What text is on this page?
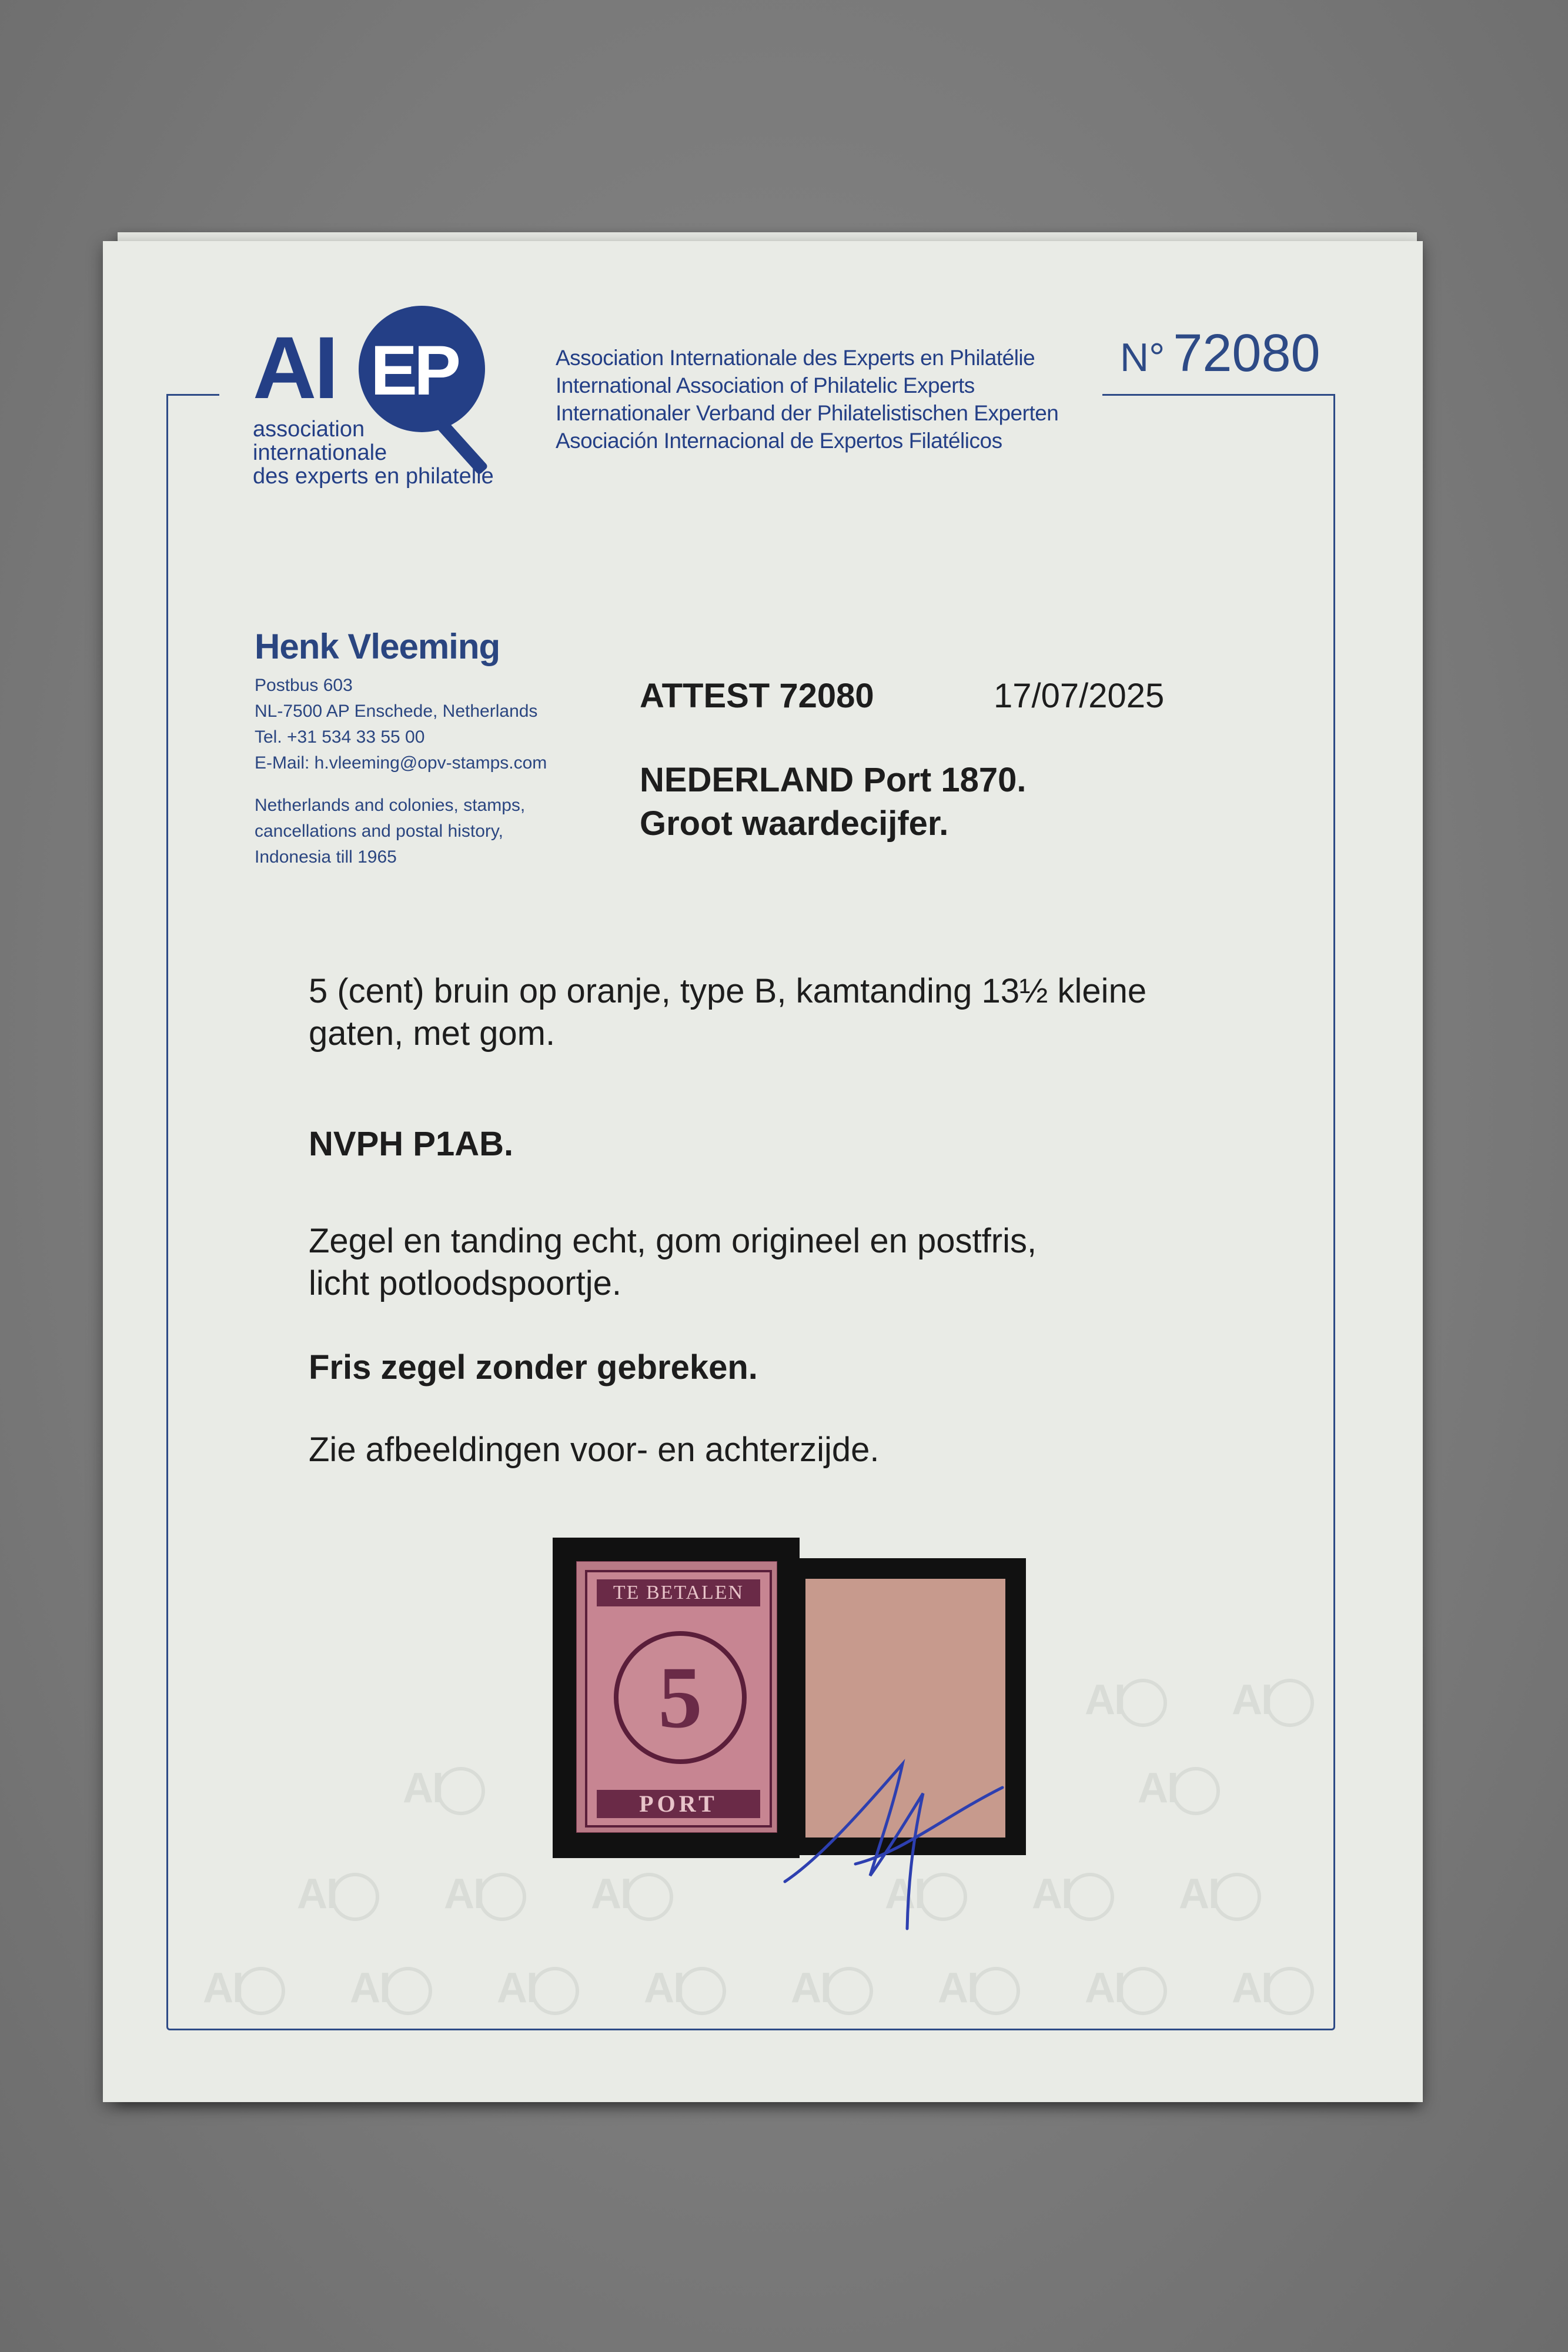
AI EP
association
internationale
des experts en philatelie
Association Internationale des Experts en Philatélie
International Association of Philatelic Experts
Internationaler Verband der Philatelistischen Experten
Asociación Internacional de Expertos Filatélicos
N° 72080
Henk Vleeming
Postbus 603
NL-7500 AP Enschede, Netherlands
Tel. +31 534 33 55 00
E-Mail: h.vleeming@opv-stamps.com
Netherlands and colonies, stamps,
cancellations and postal history,
Indonesia till 1965
ATTEST 72080	17/07/2025
NEDERLAND Port 1870.
Groot waardecijfer.
5 (cent) bruin op oranje, type B, kamtanding 13½ kleine
gaten, met gom.
NVPH P1AB.
Zegel en tanding echt, gom origineel en postfris,
licht potloodspoortje.
Fris zegel zonder gebreken.
Zie afbeeldingen voor- en achterzijde.
AI	AI
AI
AI
AI	AI	AI	AI	AI	AI
AI	AI	AI	AI	AI	AI	AI	AI
TE BETALEN
5
PORT
